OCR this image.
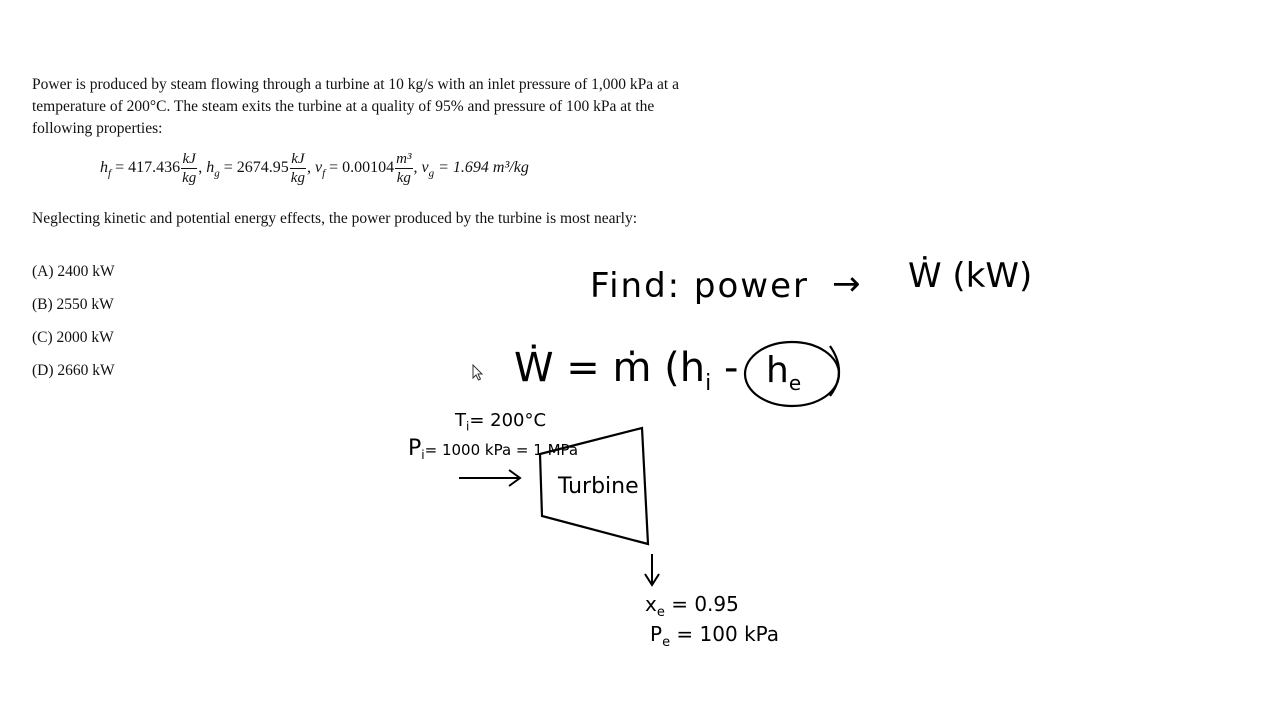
Power is produced by steam flowing through a turbine at 10 kg/s with an inlet pressure of 1,000 kPa at a temperature of 200°C. The steam exits the turbine at a quality of 95% and pressure of 100 kPa at the following properties:

$h_f = 417.436 \frac{kJ}{kg}$ , $h_g = 2674.95 \frac{kJ}{kg}$ , $v_f = 0.00104 \frac{\text{m³}}{kg}$ , $v_g = 1.694$ m³/kg
Neglecting kinetic and potential energy effects, the power produced by the turbine is most nearly:
(A) 2400 kW
(B) 2550 kW
(C) 2000 kW
(D) 2660 kW
Find: power → Ẇ (kW)
Ẇ = ṁ ($h_i - h_e$
$T_i= 200^\circ C$
$P_i= 1000$ kPa = 1 MPa
Turbine
$x_e = 0.95$
$P_e = 100$ kPa
